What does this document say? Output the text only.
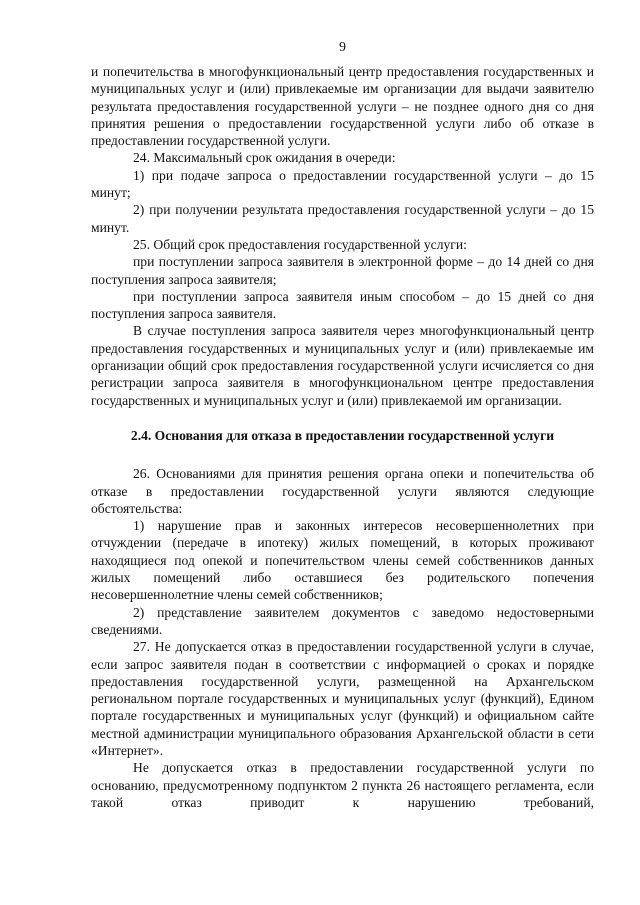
9

и попечительства в многофункциональный центр предоставления государственных и муниципальных услуг и (или) привлекаемые им организации для выдачи заявителю результата предоставления государственной услуги – не позднее одного дня со дня принятия решения о предоставлении государственной услуги либо об отказе в предоставлении государственной услуги.

24. Максимальный срок ожидания в очереди:

1) при подаче запроса о предоставлении государственной услуги – до 15 минут;

2) при получении результата предоставления государственной услуги – до 15 минут.

25. Общий срок предоставления государственной услуги:

при поступлении запроса заявителя в электронной форме – до 14 дней со дня поступления запроса заявителя;

при поступлении запроса заявителя иным способом – до 15 дней со дня поступления запроса заявителя.

В случае поступления запроса заявителя через многофункциональный центр предоставления государственных и муниципальных услуг и (или) привлекаемые им организации общий срок предоставления государственной услуги исчисляется со дня регистрации запроса заявителя в многофункциональном центре предоставления государственных и муниципальных услуг и (или) привлекаемой им организации.

2.4. Основания для отказа в предоставлении государственной услуги

26. Основаниями для принятия решения органа опеки и попечительства об отказе в предоставлении государственной услуги являются следующие обстоятельства:

1) нарушение прав и законных интересов несовершеннолетних при отчуждении (передаче в ипотеку) жилых помещений, в которых проживают находящиеся под опекой и попечительством члены семей собственников данных жилых помещений либо оставшиеся без родительского попечения несовершеннолетние члены семей собственников;

2) представление заявителем документов с заведомо недостоверными сведениями.

27. Не допускается отказ в предоставлении государственной услуги в случае, если запрос заявителя подан в соответствии с информацией о сроках и порядке предоставления государственной услуги, размещенной на Архангельском региональном портале государственных и муниципальных услуг (функций), Едином портале государственных и муниципальных услуг (функций) и официальном сайте местной администрации муниципального образования Архангельской области в сети «Интернет».

Не допускается отказ в предоставлении государственной услуги по основанию, предусмотренному подпунктом 2 пункта 26 настоящего регламента, если такой отказ приводит к нарушению требований,
